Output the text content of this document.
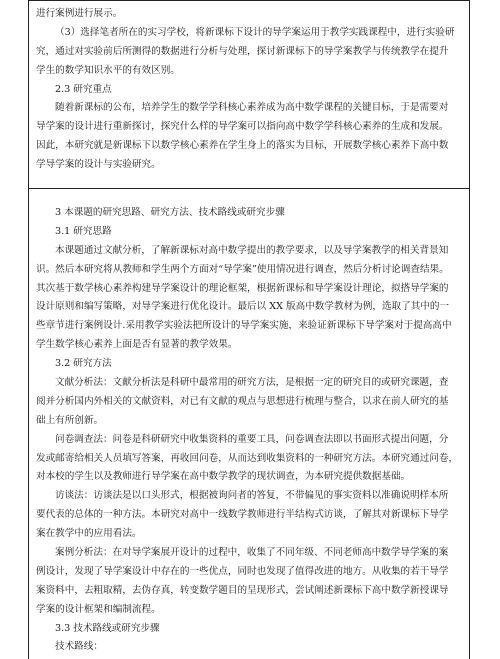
进行案例进行展示。
（3）选择笔者所在的实习学校，将新课标下设计的导学案运用于教学实践课程中，进行实验研
究，通过对实验前后所测得的数据进行分析与处理，探讨新课标下的导学案教学与传统教学在提升
学生的数学知识水平的有效区别。
2.3 研究重点
随着新课标的公布，培养学生的数学学科核心素养成为高中数学课程的关键目标，于是需要对
导学案的设计进行重新探讨，探究什么样的导学案可以指向高中数学学科核心素养的生成和发展。
因此，本研究就是新课标下以数学核心素养在学生身上的落实为目标，开展数学核心素养下高中数
学导学案的设计与实验研究。
3 本课题的研究思路、研究方法、技术路线或研究步骤
3.1 研究思路
本课题通过文献分析，了解新课标对高中数学提出的教学要求，以及导学案教学的相关背景知
识。然后本研究将从教师和学生两个方面对“导学案”使用情况进行调查，然后分析讨论调查结果。
其次基于数学核心素养构建导学案设计的理论框架，根据新课标和导学案设计理论，拟搭导学案的
设计原则和编写策略，对导学案进行优化设计。最后以 XX 版高中数学教材为例，选取了其中的一
些章节进行案例设计.采用教学实验法把所设计的导学案实施，来验证新课标下导学案对于提高高中
学生数学核心素养上面是否有显著的教学效果。
3.2 研究方法
文献分析法：文献分析法是科研中最常用的研究方法，是根据一定的研究目的或研究课题，查
阅并分析国内外相关的文献资料，对已有文献的观点与思想进行梳理与整合，以求在前人研究的基
础上有所创新。
问卷调查法：问卷是科研研究中收集资料的重要工具，问卷调查法即以书面形式提出问题，分
发或邮寄给相关人员填写答案，再收回问卷，从而达到收集资料的一种研究方法。本研究通过问卷，
对本校的学生以及教师进行导学案在高中数学教学的现状调查，为本研究提供数据基础。
访谈法：访谈法是以口头形式，根据被询问者的答复，不带偏见的事实资料以准确说明样本所
要代表的总体的一种方法。本研究对高中一线数学教师进行半结构式访谈，了解其对新课标下导学
案在教学中的应用看法。
案例分析法：在对导学案展开设计的过程中，收集了不同年级、不同老师高中数学导学案的案
例设计，发现了导学案设计中存在的一些优点，同时也发现了值得改进的地方。从收集的若干导学
案资料中，去粗取精，去伪存真，转变数学题目的呈现形式，尝试阐述新课标下高中数学新授课导
学案的设计框架和编制流程。
3.3 技术路线或研究步骤
技术路线：
